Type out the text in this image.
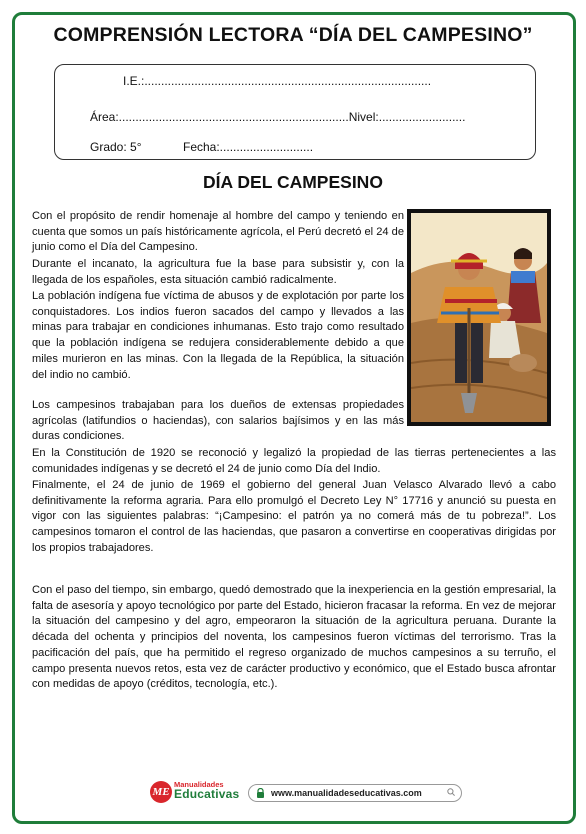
COMPRENSIÓN LECTORA “DÍA DEL CAMPESINO”
I.E.:......................................................................................
Área:.....................................................................Nivel:..........................
Grado: 5°	Fecha:............................
DÍA DEL CAMPESINO
Con el propósito de rendir homenaje al hombre del campo y teniendo en cuenta que somos un país históricamente agrícola, el Perú decretó el 24 de junio como el Día del Campesino.
Durante el incanato, la agricultura fue la base para subsistir y, con la llegada de los españoles, esta situación cambió radicalmente.
La población indígena fue víctima de abusos y de explotación por parte los conquistadores. Los indios fueron sacados del campo y llevados a las minas para trabajar en condiciones inhumanas. Esto trajo como resultado que la población indígena se redujera considerablemente debido a que miles murieron en las minas. Con la llegada de la República, la situación del indio no cambió.
Los campesinos trabajaban para los dueños de extensas propiedades agrícolas (latifundios o haciendas), con salarios bajísimos y en las más duras condiciones.
En la Constitución de 1920 se reconoció y legalizó la propiedad de las tierras pertenecientes a las comunidades indígenas y se decretó el 24 de junio como Día del Indio.
Finalmente, el 24 de junio de 1969 el gobierno del general Juan Velasco Alvarado llevó a cabo definitivamente la reforma agraria. Para ello promulgó el Decreto Ley N° 17716 y anunció su puesta en vigor con las siguientes palabras: “¡Campesino: el patrón ya no comerá más de tu pobreza!”. Los campesinos tomaron el control de las haciendas, que pasaron a convertirse en cooperativas dirigidas por los propios trabajadores.
Con el paso del tiempo, sin embargo, quedó demostrado que la inexperiencia en la gestión empresarial, la falta de asesoría y apoyo tecnológico por parte del Estado, hicieron fracasar la reforma. En vez de mejorar la situación del campesino y del agro, empeoraron la situación de la agricultura peruana. Durante la década del ochenta y principios del noventa, los campesinos fueron víctimas del terrorismo. Tras la pacificación del país, que ha permitido el regreso organizado de muchos campesinos a su terruño, el campo presenta nuevos retos, esta vez de carácter productivo y económico, que el Estado busca afrontar con medidas de apoyo (créditos, tecnología, etc.).
ME
Manualidades
Educativas	www.manualidadeseducativas.com
